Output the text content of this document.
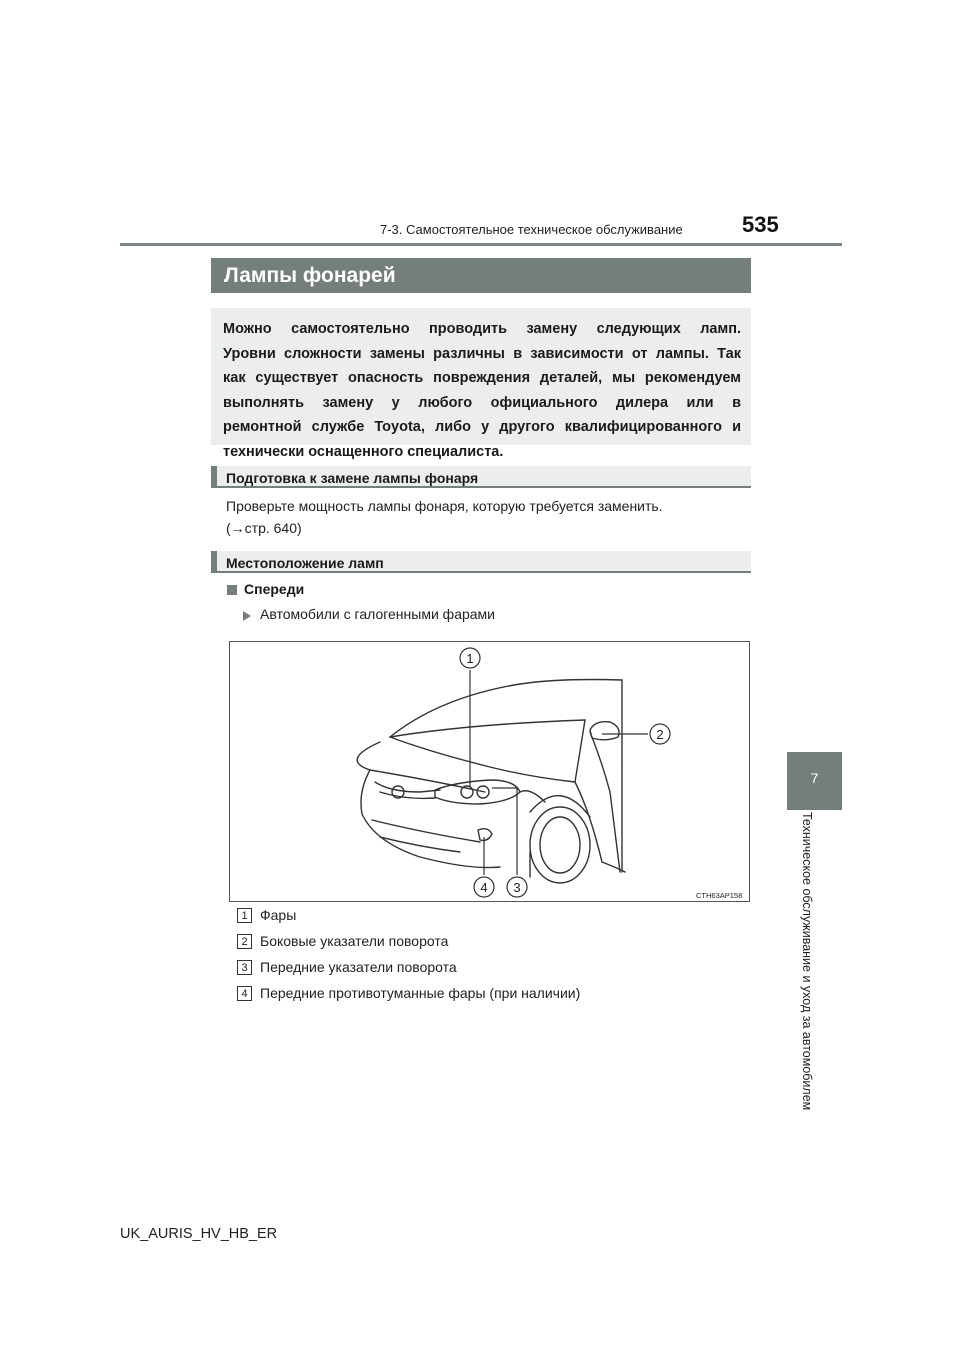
7-3. Самостоятельное техническое обслуживание	535
7
Техническое обслуживание и уход за автомобилем
Лампы фонарей
Можно самостоятельно проводить замену следующих ламп.
Уровни сложности замены различны в зависимости от лампы. Так
как существует опасность повреждения деталей, мы рекомендуем
выполнять замену у любого официального дилера или в
ремонтной службе Toyota, либо у другого квалифицированного и
технически оснащенного специалиста.
Подготовка к замене лампы фонаря
Проверьте мощность лампы фонаря, которую требуется заменить.
(→стр. 640)
Местоположение ламп
Спереди
Автомобили с галогенными фарами
1
2
3
4
CTH63AP158
1 Фары
2 Боковые указатели поворота
3 Передние указатели поворота
4 Передние противотуманные фары (при наличии)
UK_AURIS_HV_HB_ER
